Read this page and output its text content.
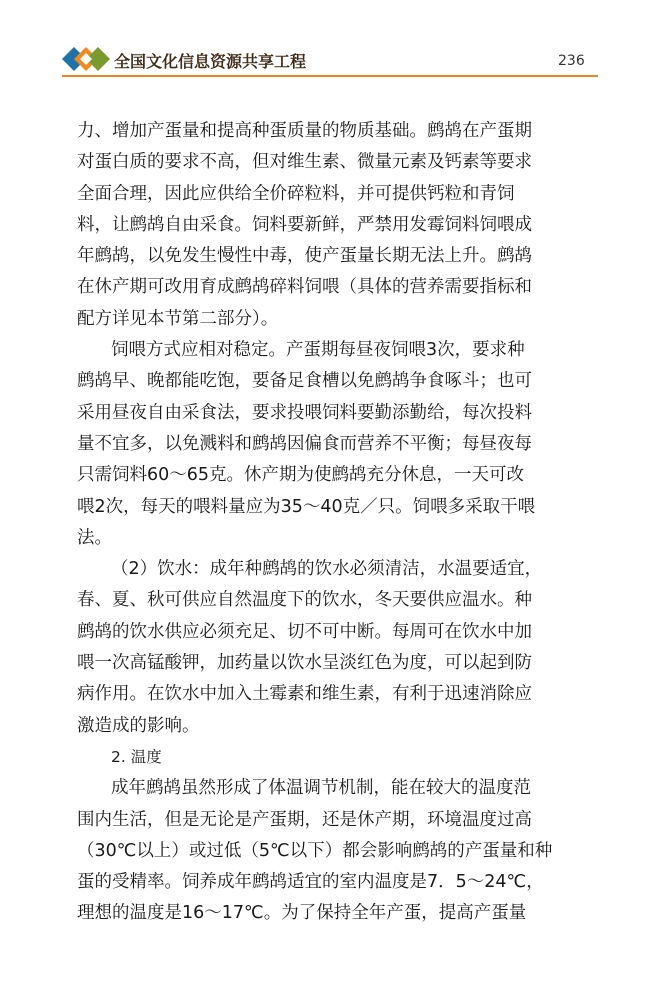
全国文化信息资源共享工程	236
力、增加产蛋量和提高种蛋质量的物质基础。鹧鸪在产蛋期
对蛋白质的要求不高，但对维生素、微量元素及钙素等要求
全面合理，因此应供给全价碎粒料，并可提供钙粒和青饲
料，让鹧鸪自由采食。饲料要新鲜，严禁用发霉饲料饲喂成
年鹧鸪，以免发生慢性中毒，使产蛋量长期无法上升。鹧鸪
在休产期可改用育成鹧鸪碎料饲喂（具体的营养需要指标和
配方详见本节第二部分）。
饲喂方式应相对稳定。产蛋期每昼夜饲喂3次，要求种
鹧鸪早、晚都能吃饱，要备足食槽以免鹧鸪争食啄斗；也可
采用昼夜自由采食法，要求投喂饲料要勤添勤给，每次投料
量不宜多，以免溅料和鹧鸪因偏食而营养不平衡；每昼夜每
只需饲料60～65克。休产期为使鹧鸪充分休息，一天可改
喂2次，每天的喂料量应为35～40克／只。饲喂多采取干喂
法。
（2）饮水：成年种鹧鸪的饮水必须清洁，水温要适宜，
春、夏、秋可供应自然温度下的饮水，冬天要供应温水。种
鹧鸪的饮水供应必须充足、切不可中断。每周可在饮水中加
喂一次高锰酸钾，加药量以饮水呈淡红色为度，可以起到防
病作用。在饮水中加入土霉素和维生素，有利于迅速消除应
激造成的影响。
2. 温度
成年鹧鸪虽然形成了体温调节机制，能在较大的温度范
围内生活，但是无论是产蛋期，还是休产期，环境温度过高
（30℃以上）或过低（5℃以下）都会影响鹧鸪的产蛋量和种
蛋的受精率。饲养成年鹧鸪适宜的室内温度是7．5～24℃，
理想的温度是16～17℃。为了保持全年产蛋，提高产蛋量
